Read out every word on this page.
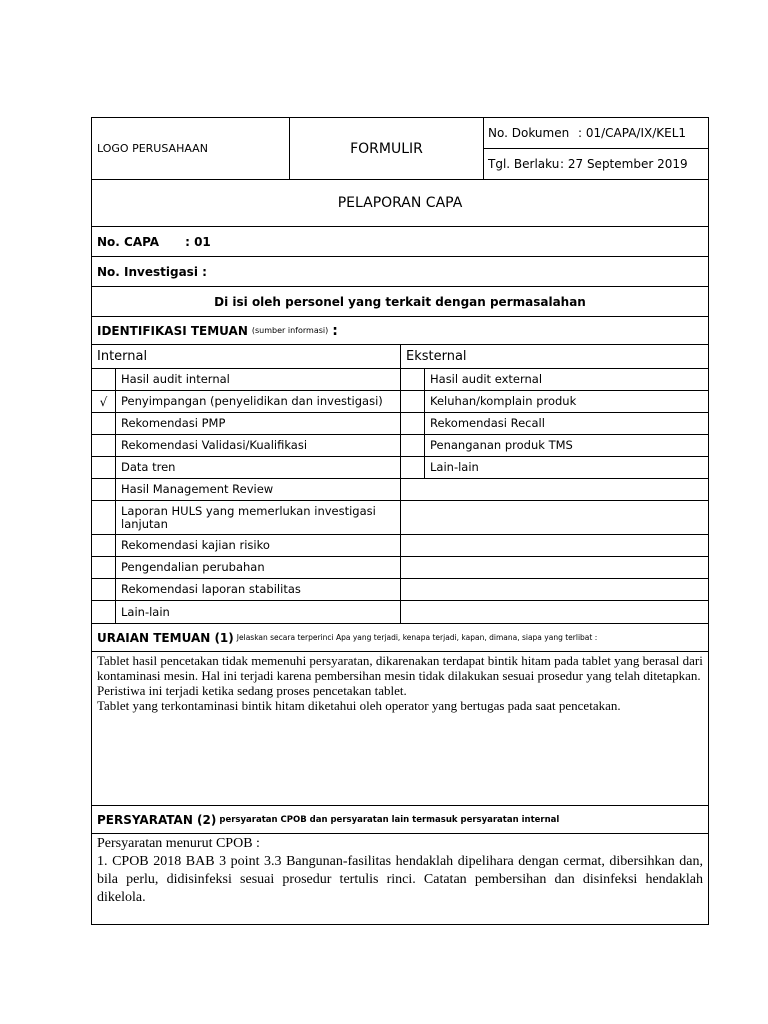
LOGO PERUSAHAAN	FORMULIR
No. Dokumen : 01/CAPA/IX/KEL1
Tgl. Berlaku : 27 September 2019
PELAPORAN CAPA
No. CAPA : 01
No. Investigasi :
Di isi oleh personel yang terkait dengan permasalahan
IDENTIFIKASI TEMUAN (sumber informasi) :
Internal
Hasil audit internal
√	Penyimpangan (penyelidikan dan investigasi)
Rekomendasi PMP
Rekomendasi Validasi/Kualifikasi
Data tren
Hasil Management Review
Laporan HULS yang memerlukan investigasi lanjutan
Rekomendasi kajian risiko
Pengendalian perubahan
Rekomendasi laporan stabilitas
Lain-lain
Eksternal
Hasil audit external
Keluhan/komplain produk
Rekomendasi Recall
Penanganan produk TMS
Lain-lain
URAIAN TEMUAN (1) Jelaskan secara terperinci Apa yang terjadi, kenapa terjadi, kapan, dimana, siapa yang terlibat :

Tablet hasil pencetakan tidak memenuhi persyaratan, dikarenakan terdapat bintik hitam pada tablet yang berasal dari kontaminasi mesin. Hal ini terjadi karena pembersihan mesin tidak dilakukan sesuai prosedur yang telah ditetapkan.

Peristiwa ini terjadi ketika sedang proses pencetakan tablet.

Tablet yang terkontaminasi bintik hitam diketahui oleh operator yang bertugas pada saat pencetakan.

PERSYARATAN (2) persyaratan CPOB dan persyaratan lain termasuk persyaratan internal

Persyaratan menurut CPOB :

1. CPOB 2018 BAB 3 point 3.3 Bangunan-fasilitas hendaklah dipelihara dengan cermat, dibersihkan dan, bila perlu, didisinfeksi sesuai prosedur tertulis rinci. Catatan pembersihan dan disinfeksi hendaklah dikelola.
